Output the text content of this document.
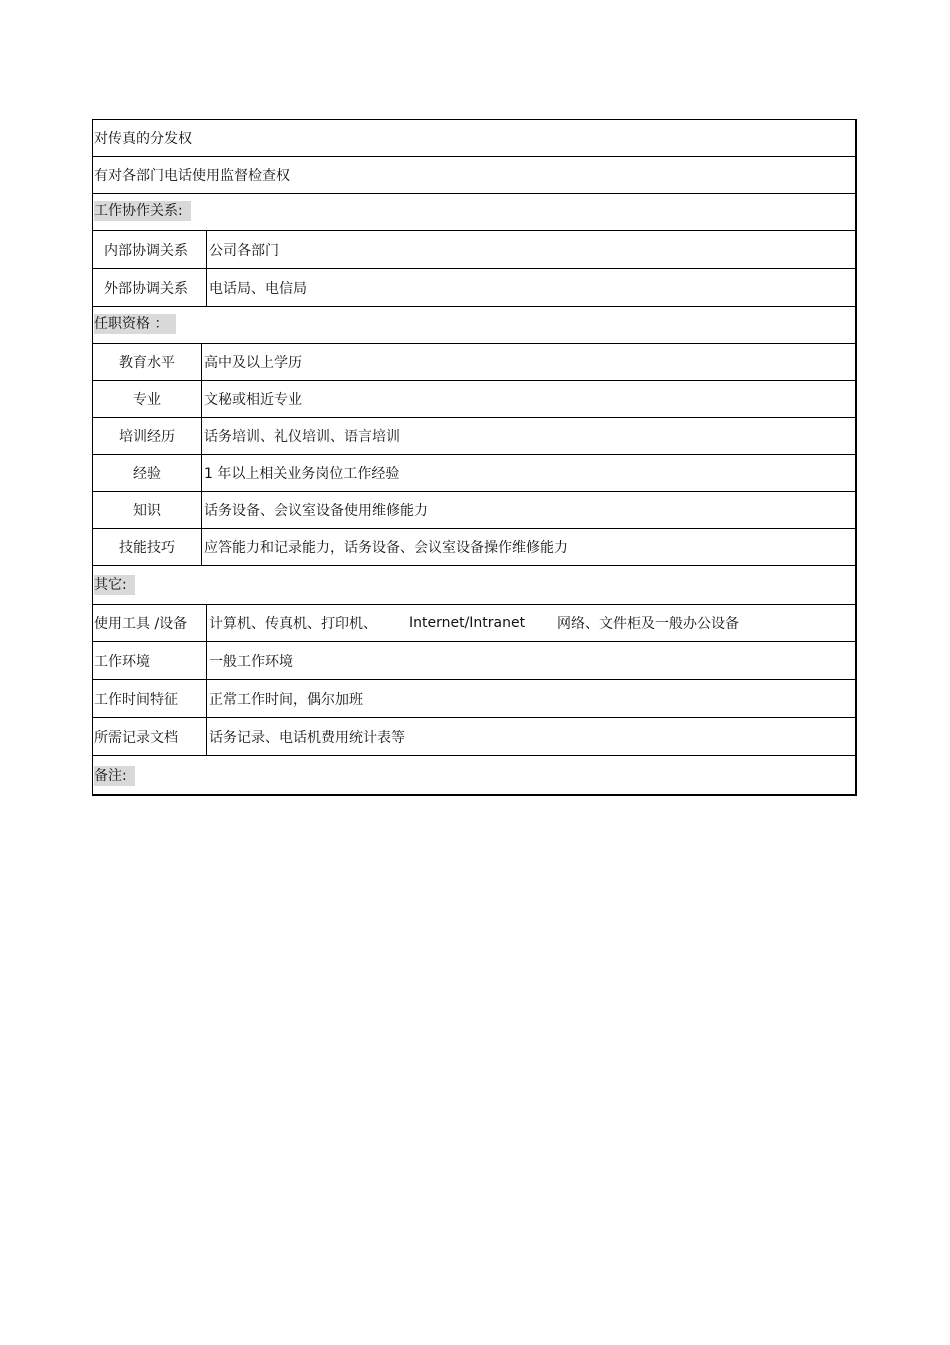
对传真的分发权
有对各部门电话使用监督检查权
工作协作关系:
内部协调关系	公司各部门
外部协调关系	电话局、电信局
任职资格 ：
教育水平	高中及以上学历
专业	文秘或相近专业
培训经历	话务培训、礼仪培训、语言培训
经验	1 年以上相关业务岗位工作经验
知识	话务设备、会议室设备使用维修能力
技能技巧	应答能力和记录能力，话务设备、会议室设备操作维修能力
其它:
使用工具 /设备 计算机、传真机、打印机、 Internet/Intranet 网络、文件柜及一般办公设备
工作环境	一般工作环境
工作时间特征 正常工作时间，偶尔加班
所需记录文档 话务记录、电话机费用统计表等
备注:
